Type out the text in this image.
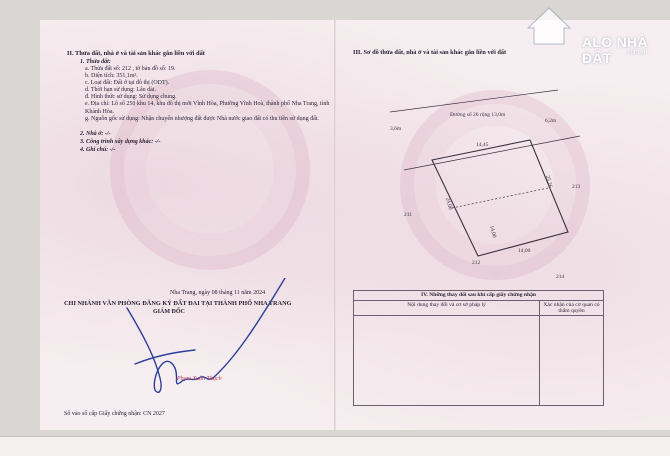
II. Thửa đất, nhà ở và tài sản khác gắn liền với đất
1. Thửa đất:
a. Thửa đất số: 212 , tờ bản đồ số: 19.
b. Diện tích: 351,1m².
c. Loại đất: Đất ở tại đô thị (ODT).
d. Thời hạn sử dụng: Lâu dài.
đ. Hình thức sử dụng: Sử dụng chung.
e. Địa chỉ: Lô số 250 khu 14, khu đô thị mới Vĩnh Hòa, Phường Vĩnh Hoà, thành phố Nha Trang, tỉnh Khánh Hòa.
g. Nguồn gốc sử dụng: Nhận chuyển nhượng đất được Nhà nước giao đất có thu tiền sử dụng đất.
2. Nhà ở: -/-
3. Công trình xây dựng khác: -/-
4. Ghi chú: -/-
Nha Trang, ngày 08 tháng 11 năm 2024
CHI NHÁNH VĂN PHÒNG ĐĂNG KÝ ĐẤT ĐAI TẠI THÀNH PHỐ NHA TRANG
GIÁM ĐỐC
Phạm Xuân Thạch
Số vào sổ cấp Giấy chứng nhận: CN 2027
III. Sơ đồ thửa đất, nhà ở và tài sản khác gắn liền với đất
Đường số 26 rộng 13,0m
3,6m
6,2m
14,45
14,00
24,00
25,26
14,00
211
212
213
214
IV. Những thay đổi sau khi cấp giấy chứng nhận	
Nội dung thay đổi và cơ sở pháp lý	Xác nhận của cơ quan có thẩm quyền

ALO NHÀ ĐẤT	.com.vn
